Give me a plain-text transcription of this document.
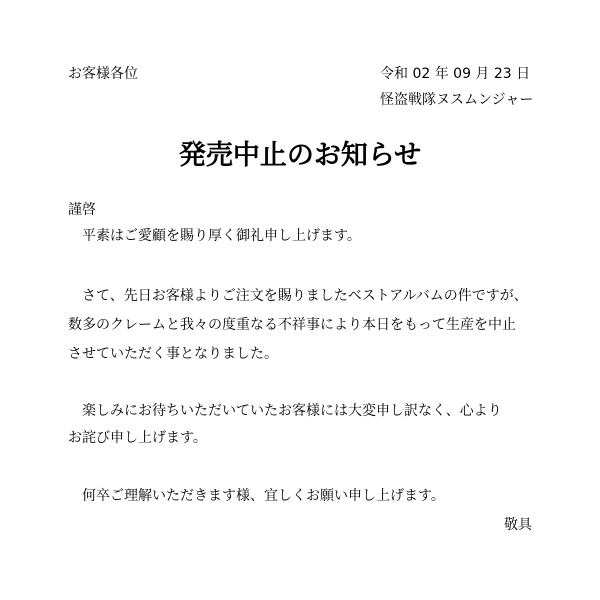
お客様各位	令和 02 年 09 月 23 日
怪盗戦隊ヌスムンジャー
発売中止のお知らせ
謹啓
　平素はご愛顧を賜り厚く御礼申し上げます。
　さて、先日お客様よりご注文を賜りましたベストアルバムの件ですが、
数多のクレームと我々の度重なる不祥事により本日をもって生産を中止
させていただく事となりました。
　楽しみにお待ちいただいていたお客様には大変申し訳なく、心より
お詫び申し上げます。
　何卒ご理解いただきます様、宜しくお願い申し上げます。
敬具
